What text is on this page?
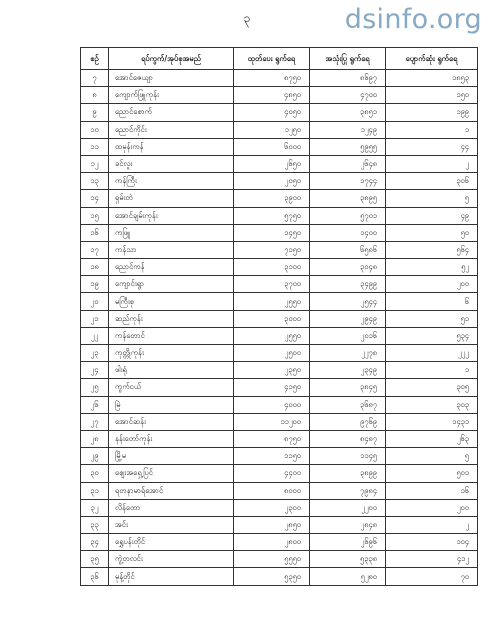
၃	dsinfo.org
စဉ်	ရပ်ကွက်/အုပ်စုအမည်	ထုတ်ပေး ရွက်ရေ	အသုံးပြု ရွက်ရေ	ပျောက်ဆုံး ရွက်ရေ
၇	အောင်ဇေယျာ	၈၇၅၀	၈၆၉၇	၁၈၅၃
၈	ကျောက်ဖြူကုန်း	၄၈၅၀	၄၇၀၀	၁၅၀
၉	ညောင်စောက်	၄၀၅၀	၃၈၅၁	၁၉၉
၁၀	ညောင်ကိုင်း	၁၂၅၀	၁၂၄၉	၁
၁၁	ထမုန်းကန်	၆၀၀၀	၅၉၅၅	၄၄
၁၂	ခင်လူး	၂၆၅၀	၂၆၄၈	၂
၁၃	ကန်ကြီး	၂၀၅၀	၁၇၄၄	၃၀၆
၁၄	ရှမ်းတဲ	၃၉၀၀	၃၈၉၅	၅
၁၅	အောင်ချမ်းကုန်း	၅၇၅၀	၅၇၀၁	၄၉
၁၆	ကဖြူ	၁၄၅၀	၁၄၀၀	၅၀
၁၇	ကန်သာ	၇၁၅၀	၆၅၈၆	၅၆၄
၁၈	ညောင်ကန်	၃၁၀၀	၃၀၄၈	၅၂
၁၉	ကျောင်းရွာ	၃၇၀၀	၃၄၉၉	၂၀၀
၂၀	မကြီးစု	၂၅၅၀	၂၅၄၄	၆
၂၁	ဆည်ကုန်း	၃၀၀၀	၂၉၄၉	၅၁
၂၂	ကန်တောင်	၂၅၅၀	၂၀၁၆	၅၃၄
၂၃	ကုတ္တိုကုန်း	၂၅၀၀	၂၂၇၈	၂၂၂
၂၄	ဖါးရုံ	၂၃၅၀	၂၃၄၉	၁
၂၅	ကွက်ငယ်	၄၁၅၀	၃၈၄၅	၃၀၅
၂၆	မြဲ	၄၀၀၀	၃၆၈၇	၃၀၃
၂၇	အောင်ဆန်း	၁၁၂၀၀	၉၇၆၉	၁၄၃၁
၂၈	နန်းတော်ကုန်း	၈၇၅၀	၈၄၈၇	၂၆၃
၂၉	မြို့မ	၁၁၅၀	၁၁၄၅	၅
၃၀	ဈေးအရှေ့ပြင်	၄၄၀၀	၃၈၉၉	၅၀၁
၃၁	ရတနာမာရ်အောင်	၈၀၀၀	၇၉၈၄	၁၆
၃၂	လိန်တော	၂၃၀၀	၂၂၀၀	၂၀၀
၃၃	အင်း	၂၈၅၀	၂၈၄၈	၂
၃၄	ရွှေပန်းတိုင်	၂၈၀၀	၂၆၉၆	၁၀၄
၃၅	ကွဲ့တလင်း	၅၅၅၀	၅၃၃၈	၄၁၂
၃၆	မုန့်တိုင်	၅၃၅၀	၅၂၈၀	၇၀
